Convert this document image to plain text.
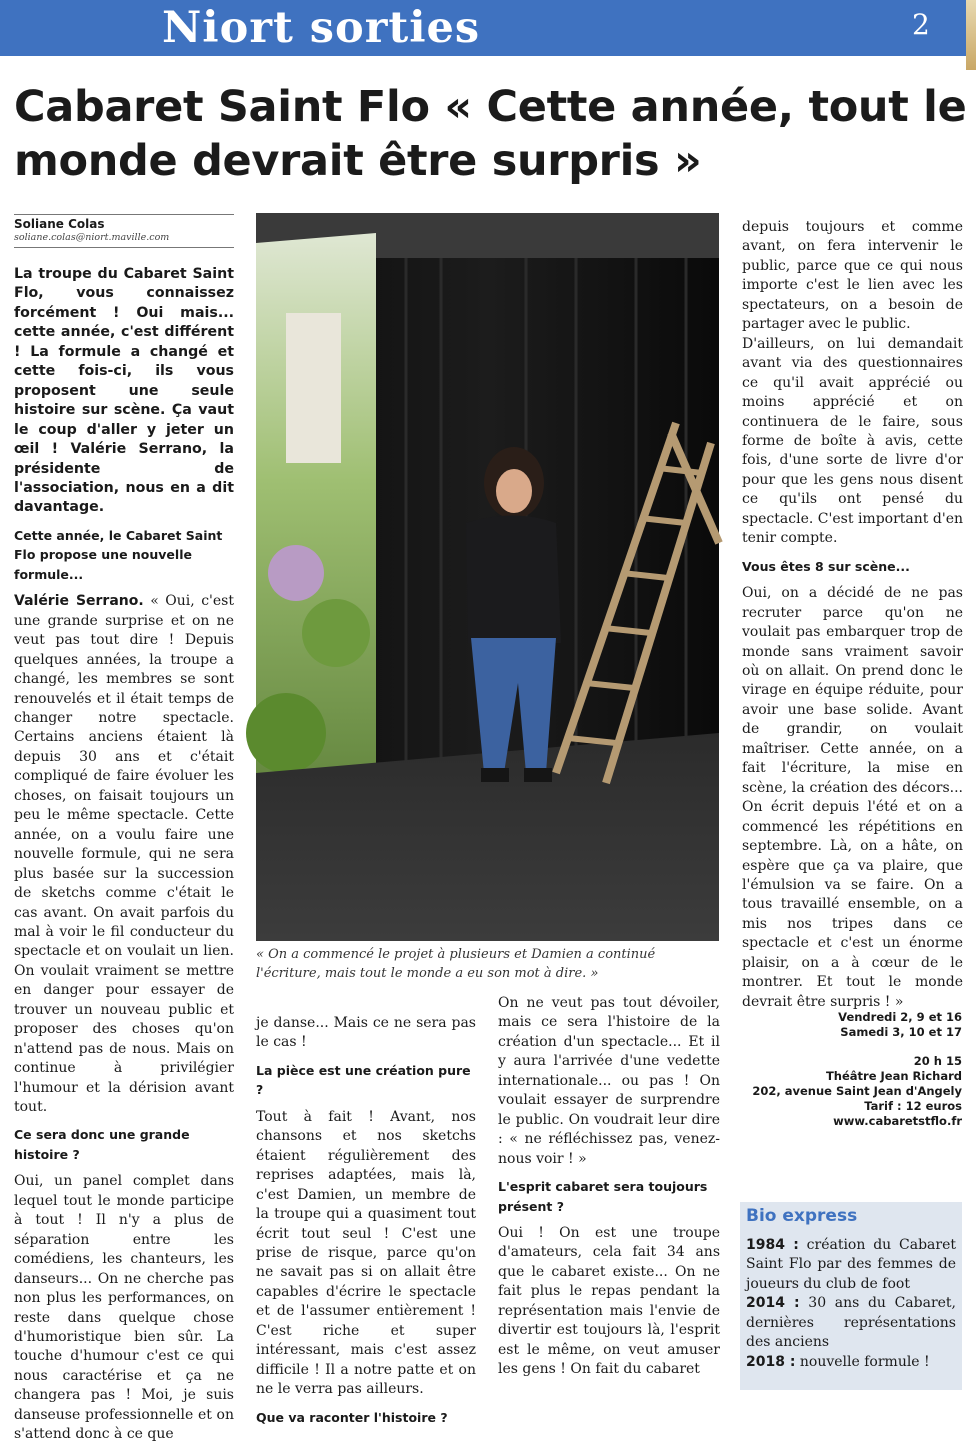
Niort sorties	2
Cabaret Saint Flo « Cette année, tout le monde devrait être surpris »
Soliane Colas
soliane.colas@niort.maville.com

La troupe du Cabaret Saint Flo, vous connaissez forcément ! Oui mais... cette année, c'est différent ! La formule a changé et cette fois-ci, ils vous proposent une seule histoire sur scène. Ça vaut le coup d'aller y jeter un œil ! Valérie Serrano, la présidente de l'association, nous en a dit davantage.

Cette année, le Cabaret Saint Flo propose une nouvelle formule...

Valérie Serrano. « Oui, c'est une grande surprise et on ne veut pas tout dire ! Depuis quelques années, la troupe a changé, les membres se sont renouvelés et il était temps de changer notre spectacle. Certains anciens étaient là depuis 30 ans et c'était compliqué de faire évoluer les choses, on faisait toujours un peu le même spectacle. Cette année, on a voulu faire une nouvelle formule, qui ne sera plus basée sur la succession de sketchs comme c'était le cas avant. On avait parfois du mal à voir le fil conducteur du spectacle et on voulait un lien. On voulait vraiment se mettre en danger pour essayer de trouver un nouveau public et proposer des choses qu'on n'attend pas de nous. Mais on continue à privilégier l'humour et la dérision avant tout.

Ce sera donc une grande histoire ?

Oui, un panel complet dans lequel tout le monde participe à tout ! Il n'y a plus de séparation entre les comédiens, les chanteurs, les danseurs... On ne cherche pas non plus les performances, on reste dans quelque chose d'humoristique bien sûr. La touche d'humour c'est ce qui nous caractérise et ça ne changera pas ! Moi, je suis danseuse professionnelle et on s'attend donc à ce que

« On a commencé le projet à plusieurs et Damien a continué l'écriture, mais tout le monde a eu son mot à dire. »

je danse... Mais ce ne sera pas le cas !

La pièce est une création pure ?

Tout à fait ! Avant, nos chansons et nos sketchs étaient régulièrement des reprises adaptées, mais là, c'est Damien, un membre de la troupe qui a quasiment tout écrit tout seul ! C'est une prise de risque, parce qu'on ne savait pas si on allait être capables d'écrire le spectacle et de l'assumer entièrement ! C'est riche et super intéressant, mais c'est assez difficile ! Il a notre patte et on ne le verra pas ailleurs.

Que va raconter l'histoire ?

On ne veut pas tout dévoiler, mais ce sera l'histoire de la création d'un spectacle... Et il y aura l'arrivée d'une vedette internationale... ou pas ! On voulait essayer de surprendre le public. On voudrait leur dire : « ne réfléchissez pas, venez-nous voir ! »

L'esprit cabaret sera toujours présent ?

Oui ! On est une troupe d'amateurs, cela fait 34 ans que le cabaret existe... On ne fait plus le repas pendant la représentation mais l'envie de divertir est toujours là, l'esprit est le même, on veut amuser les gens ! On fait du cabaret

depuis toujours et comme avant, on fera intervenir le public, parce que ce qui nous importe c'est le lien avec les spectateurs, on a besoin de partager avec le public.

D'ailleurs, on lui demandait avant via des questionnaires ce qu'il avait apprécié ou moins apprécié et on continuera de le faire, sous forme de boîte à avis, cette fois, d'une sorte de livre d'or pour que les gens nous disent ce qu'ils ont pensé du spectacle. C'est important d'en tenir compte.

Vous êtes 8 sur scène...

Oui, on a décidé de ne pas recruter parce qu'on ne voulait pas embarquer trop de monde sans vraiment savoir où on allait. On prend donc le virage en équipe réduite, pour avoir une base solide. Avant de grandir, on voulait maîtriser. Cette année, on a fait l'écriture, la mise en scène, la création des décors... On écrit depuis l'été et on a commencé les répétitions en septembre. Là, on a hâte, on espère que ça va plaire, que l'émulsion va se faire. On a tous travaillé ensemble, on a mis nos tripes dans ce spectacle et c'est un énorme plaisir, on a à cœur de le montrer. Et tout le monde devrait être surpris ! »

Vendredi 2, 9 et 16
Samedi 3, 10 et 17
20 h 15
Théâtre Jean Richard
202, avenue Saint Jean d'Angely
Tarif : 12 euros
www.cabaretstflo.fr
Bio express
1984 : création du Cabaret Saint Flo par des femmes de joueurs du club de foot
2014 : 30 ans du Cabaret, dernières représentations des anciens
2018 : nouvelle formule !
